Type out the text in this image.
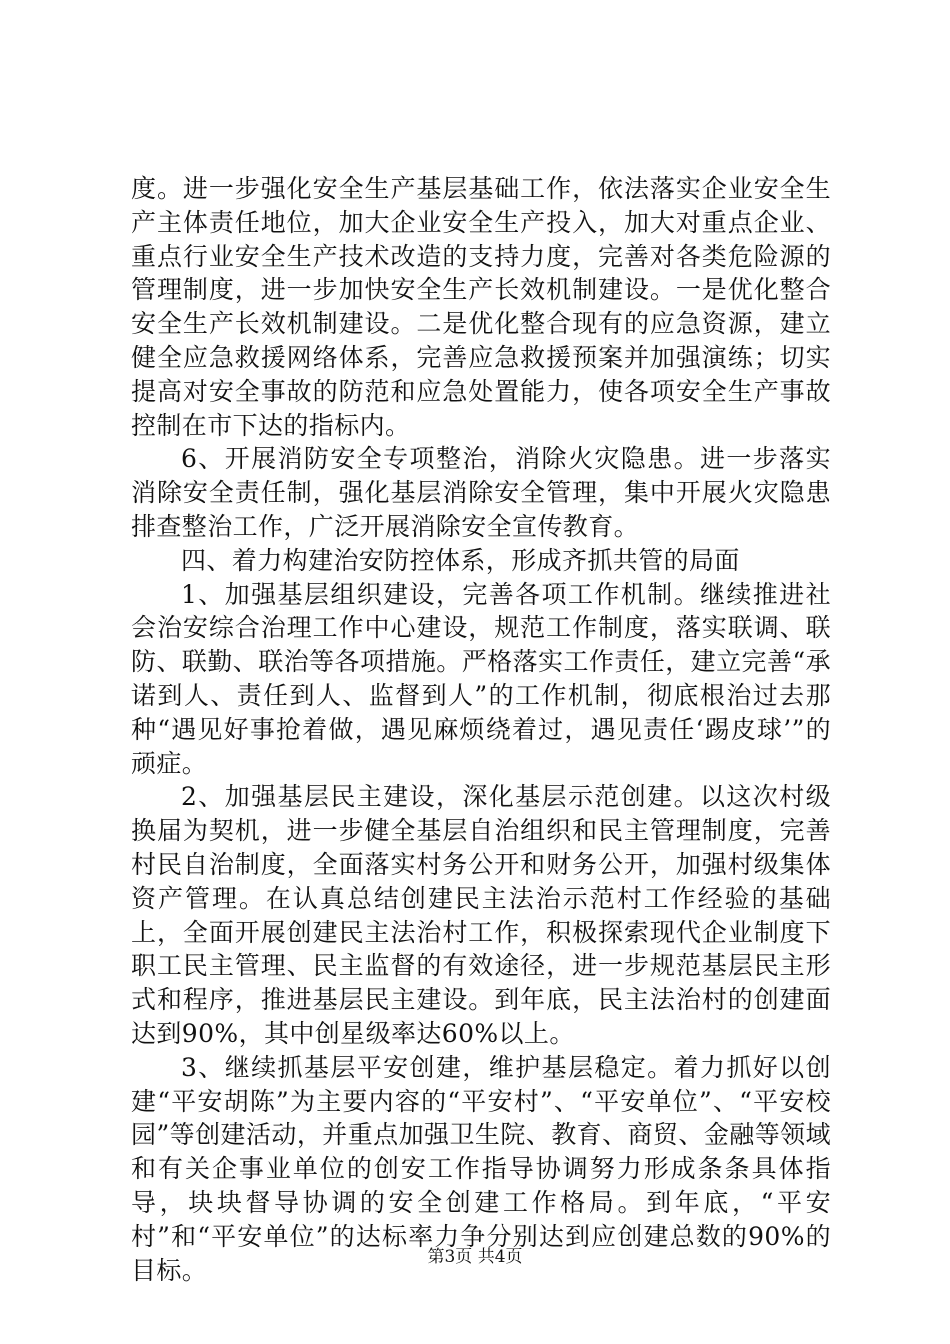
度。进一步强化安全生产基层基础工作，依法落实企业安全生产主体责任地位，加大企业安全生产投入，加大对重点企业、重点行业安全生产技术改造的支持力度，完善对各类危险源的管理制度，进一步加快安全生产长效机制建设。一是优化整合安全生产长效机制建设。二是优化整合现有的应急资源，建立健全应急救援网络体系，完善应急救援预案并加强演练；切实提高对安全事故的防范和应急处置能力，使各项安全生产事故控制在市下达的指标内。

6、开展消防安全专项整治，消除火灾隐患。进一步落实消除安全责任制，强化基层消除安全管理，集中开展火灾隐患排查整治工作，广泛开展消除安全宣传教育。

四、着力构建治安防控体系，形成齐抓共管的局面

1、加强基层组织建设，完善各项工作机制。继续推进社会治安综合治理工作中心建设，规范工作制度，落实联调、联防、联勤、联治等各项措施。严格落实工作责任，建立完善“承诺到人、责任到人、监督到人”的工作机制，彻底根治过去那种“遇见好事抢着做，遇见麻烦绕着过，遇见责任‘踢皮球’”的顽症。

2、加强基层民主建设，深化基层示范创建。以这次村级换届为契机，进一步健全基层自治组织和民主管理制度，完善村民自治制度，全面落实村务公开和财务公开，加强村级集体资产管理。在认真总结创建民主法治示范村工作经验的基础上，全面开展创建民主法治村工作，积极探索现代企业制度下职工民主管理、民主监督的有效途径，进一步规范基层民主形式和程序，推进基层民主建设。到年底，民主法治村的创建面达到90%，其中创星级率达60%以上。

3、继续抓基层平安创建，维护基层稳定。着力抓好以创建“平安胡陈”为主要内容的“平安村”、“平安单位”、“平安校园”等创建活动，并重点加强卫生院、教育、商贸、金融等领域和有关企事业单位的创安工作指导协调努力形成条条具体指导，块块督导协调的安全创建工作格局。到年底，“平安村”和“平安单位”的达标率力争分别达到应创建总数的90%的目标。	第3页 共4页
